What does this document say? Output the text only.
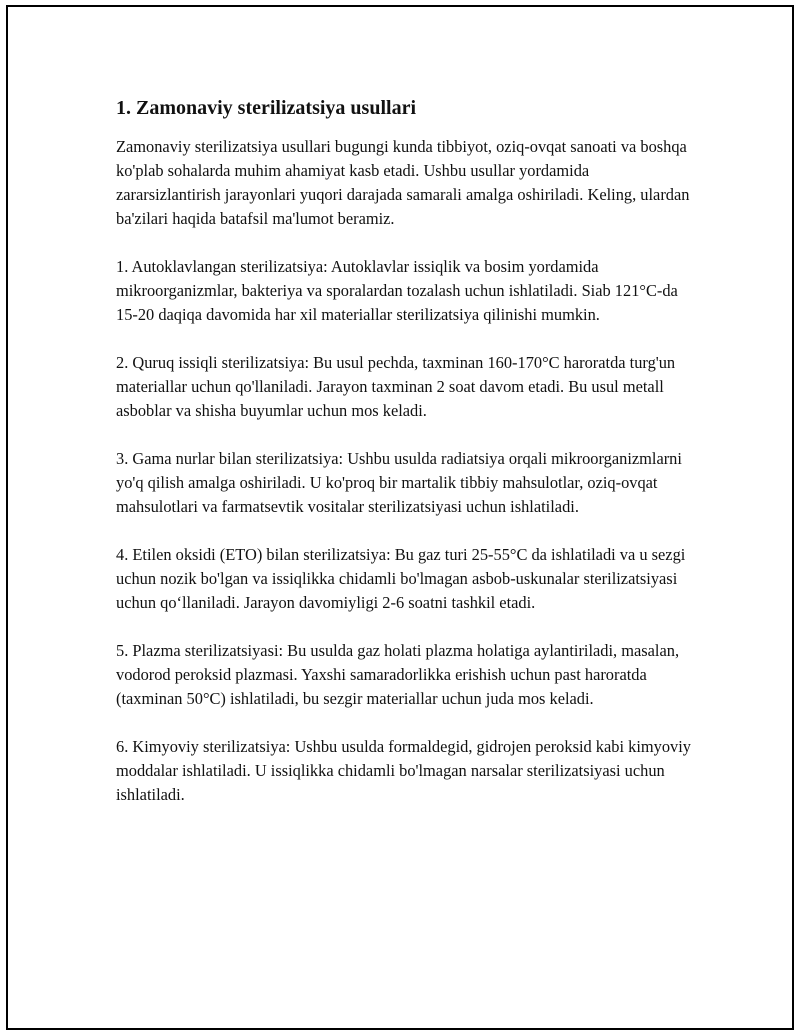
1. Zamonaviy sterilizatsiya usullari

Zamonaviy sterilizatsiya usullari bugungi kunda tibbiyot, oziq-ovqat sanoati va boshqa ko'plab sohalarda muhim ahamiyat kasb etadi. Ushbu usullar yordamida zararsizlantirish jarayonlari yuqori darajada samarali amalga oshiriladi. Keling, ulardan ba'zilari haqida batafsil ma'lumot beramiz.

1. Autoklavlangan sterilizatsiya: Autoklavlar issiqlik va bosim yordamida mikroorganizmlar, bakteriya va sporalardan tozalash uchun ishlatiladi. Siab 121°C-da 15-20 daqiqa davomida har xil materiallar sterilizatsiya qilinishi mumkin.

2. Quruq issiqli sterilizatsiya: Bu usul pechda, taxminan 160-170°C haroratda turg'un materiallar uchun qo'llaniladi. Jarayon taxminan 2 soat davom etadi. Bu usul metall asboblar va shisha buyumlar uchun mos keladi.

3. Gama nurlar bilan sterilizatsiya: Ushbu usulda radiatsiya orqali mikroorganizmlarni yo'q qilish amalga oshiriladi. U ko'proq bir martalik tibbiy mahsulotlar, oziq-ovqat mahsulotlari va farmatsevtik vositalar sterilizatsiyasi uchun ishlatiladi.

4. Etilen oksidi (ETO) bilan sterilizatsiya: Bu gaz turi 25-55°C da ishlatiladi va u sezgi uchun nozik bo'lgan va issiqlikka chidamli bo'lmagan asbob-uskunalar sterilizatsiyasi uchun qo‘llaniladi. Jarayon davomiyligi 2-6 soatni tashkil etadi.

5. Plazma sterilizatsiyasi: Bu usulda gaz holati plazma holatiga aylantiriladi, masalan, vodorod peroksid plazmasi. Yaxshi samaradorlikka erishish uchun past haroratda (taxminan 50°C) ishlatiladi, bu sezgir materiallar uchun juda mos keladi.

6. Kimyoviy sterilizatsiya: Ushbu usulda formaldegid, gidrojen peroksid kabi kimyoviy moddalar ishlatiladi. U issiqlikka chidamli bo'lmagan narsalar sterilizatsiyasi uchun ishlatiladi.
